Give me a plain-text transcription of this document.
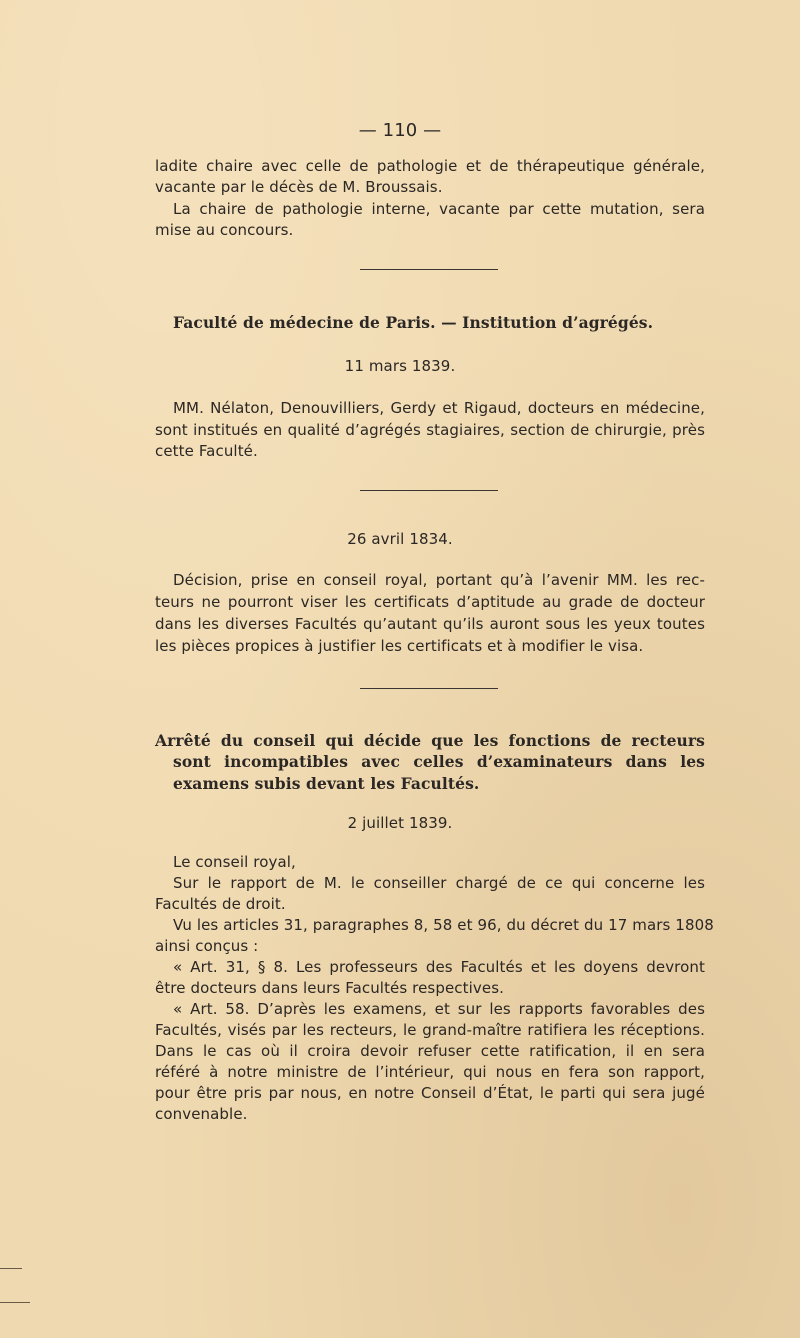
— 110 —
ladite chaire avec celle de pathologie et de thérapeutique générale,
vacante par le décès de M. Broussais.
La chaire de pathologie interne, vacante par cette mutation, sera
mise au concours.
Faculté de médecine de Paris. — Institution d’agrégés.
11 mars 1839.
MM. Nélaton, Denouvilliers, Gerdy et Rigaud, docteurs en médecine,
sont institués en qualité d’agrégés stagiaires, section de chirurgie, près
cette Faculté.
26 avril 1834.
Décision, prise en conseil royal, portant qu’à l’avenir MM. les rec-
teurs ne pourront viser les certificats d’aptitude au grade de docteur
dans les diverses Facultés qu’autant qu’ils auront sous les yeux toutes
les pièces propices à justifier les certificats et à modifier le visa.
Arrêté du conseil qui décide que les fonctions de recteurs
sont incompatibles avec celles d’examinateurs dans les
examens subis devant les Facultés.
2 juillet 1839.
Le conseil royal,
Sur le rapport de M. le conseiller chargé de ce qui concerne les
Facultés de droit.
Vu les articles 31, paragraphes 8, 58 et 96, du décret du 17 mars 1808
ainsi conçus :
« Art. 31, § 8. Les professeurs des Facultés et les doyens devront
être docteurs dans leurs Facultés respectives.
« Art. 58. D’après les examens, et sur les rapports favorables des
Facultés, visés par les recteurs, le grand-maître ratifiera les réceptions.
Dans le cas où il croira devoir refuser cette ratification, il en sera
référé à notre ministre de l’intérieur, qui nous en fera son rapport,
pour être pris par nous, en notre Conseil d’État, le parti qui sera jugé
convenable.
